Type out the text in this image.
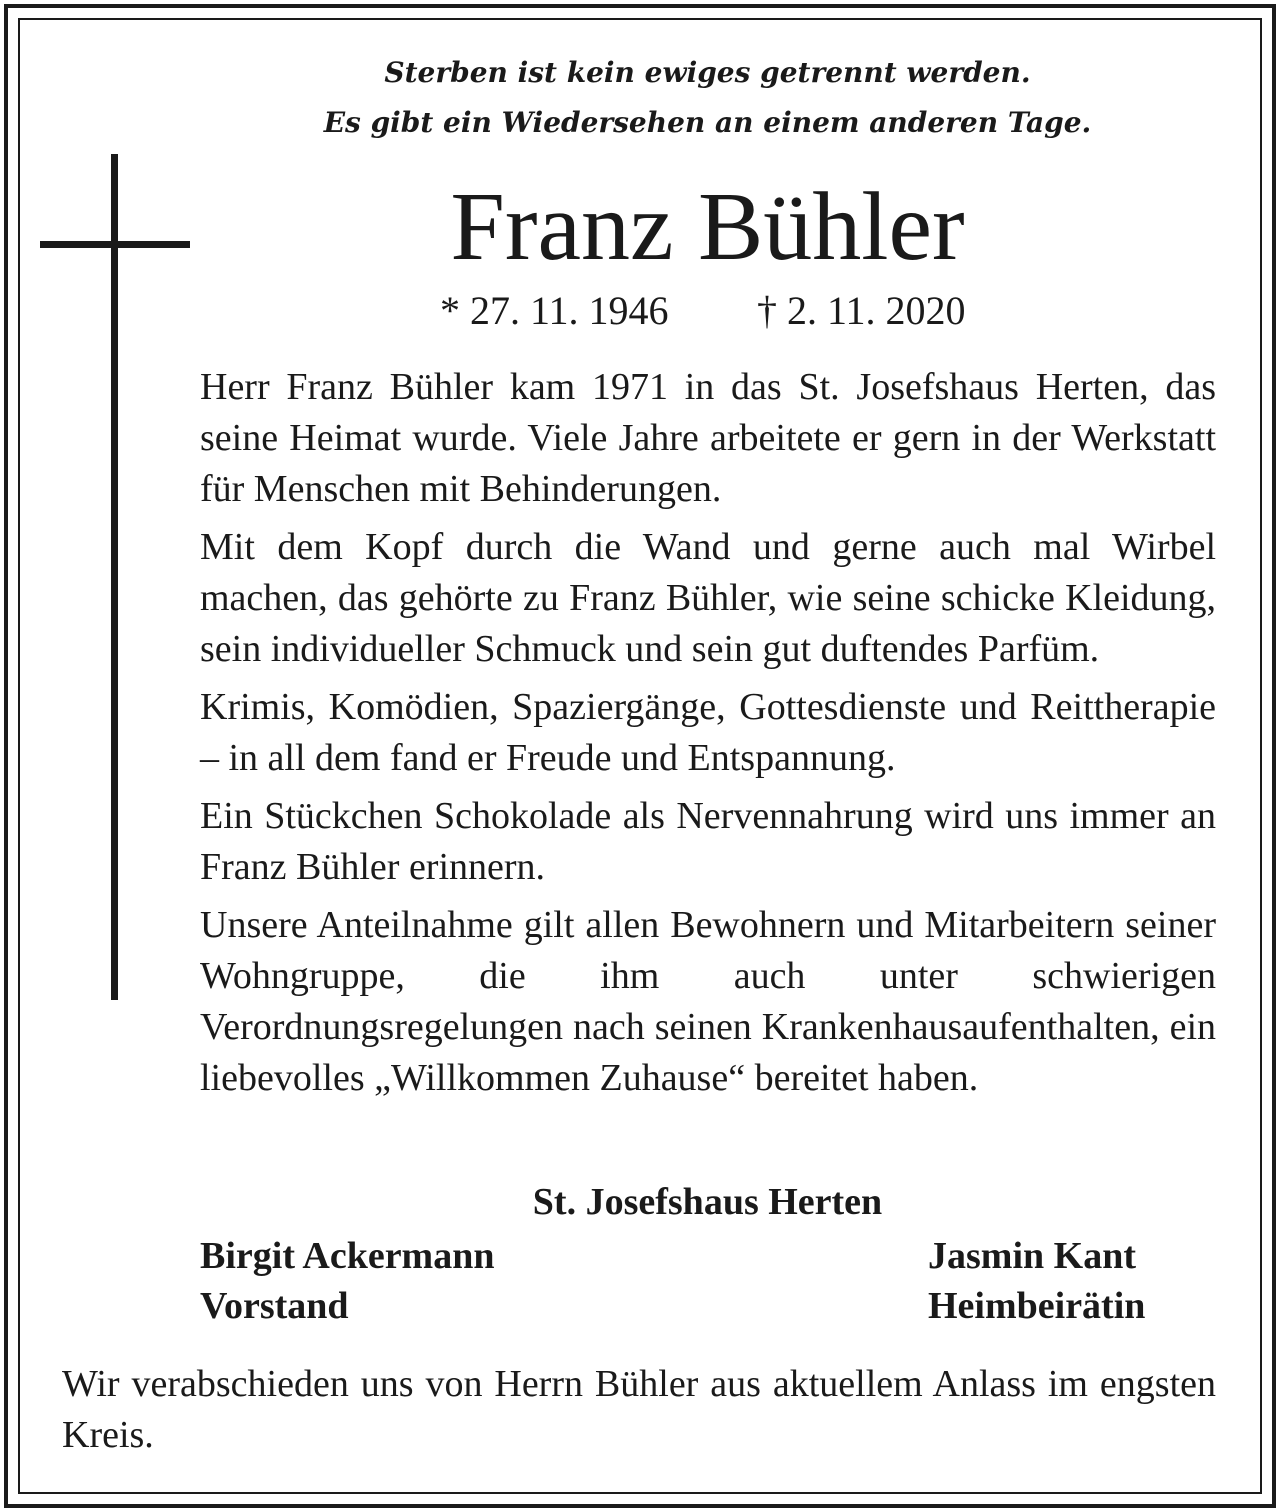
Sterben ist kein ewiges getrennt werden.

Es gibt ein Wiedersehen an einem anderen Tage.

Franz Bühler
* 27. 11. 1946 † 2. 11. 2020

Herr Franz Bühler kam 1971 in das St. Josefshaus Herten, das seine Heimat wurde. Viele Jahre arbeitete er gern in der Werkstatt für Menschen mit Behinderungen.

Mit dem Kopf durch die Wand und gerne auch mal Wirbel machen, das gehörte zu Franz Bühler, wie seine schicke Kleidung, sein individueller Schmuck und sein gut duftendes Parfüm.

Krimis, Komödien, Spaziergänge, Gottesdienste und Reittherapie – in all dem fand er Freude und Entspannung.

Ein Stückchen Schokolade als Nervennahrung wird uns immer an Franz Bühler erinnern.

Unsere Anteilnahme gilt allen Bewohnern und Mitarbeitern seiner Wohngruppe, die ihm auch unter schwierigen Verordnungsregelungen nach seinen Krankenhausaufenthalten, ein liebevolles „Willkommen Zuhause“ bereitet haben.

St. Josefshaus Herten
Birgit Ackermann
Vorstand
Jasmin Kant
Heimbeirätin
Wir verabschieden uns von Herrn Bühler aus aktuellem Anlass im engsten Kreis.
